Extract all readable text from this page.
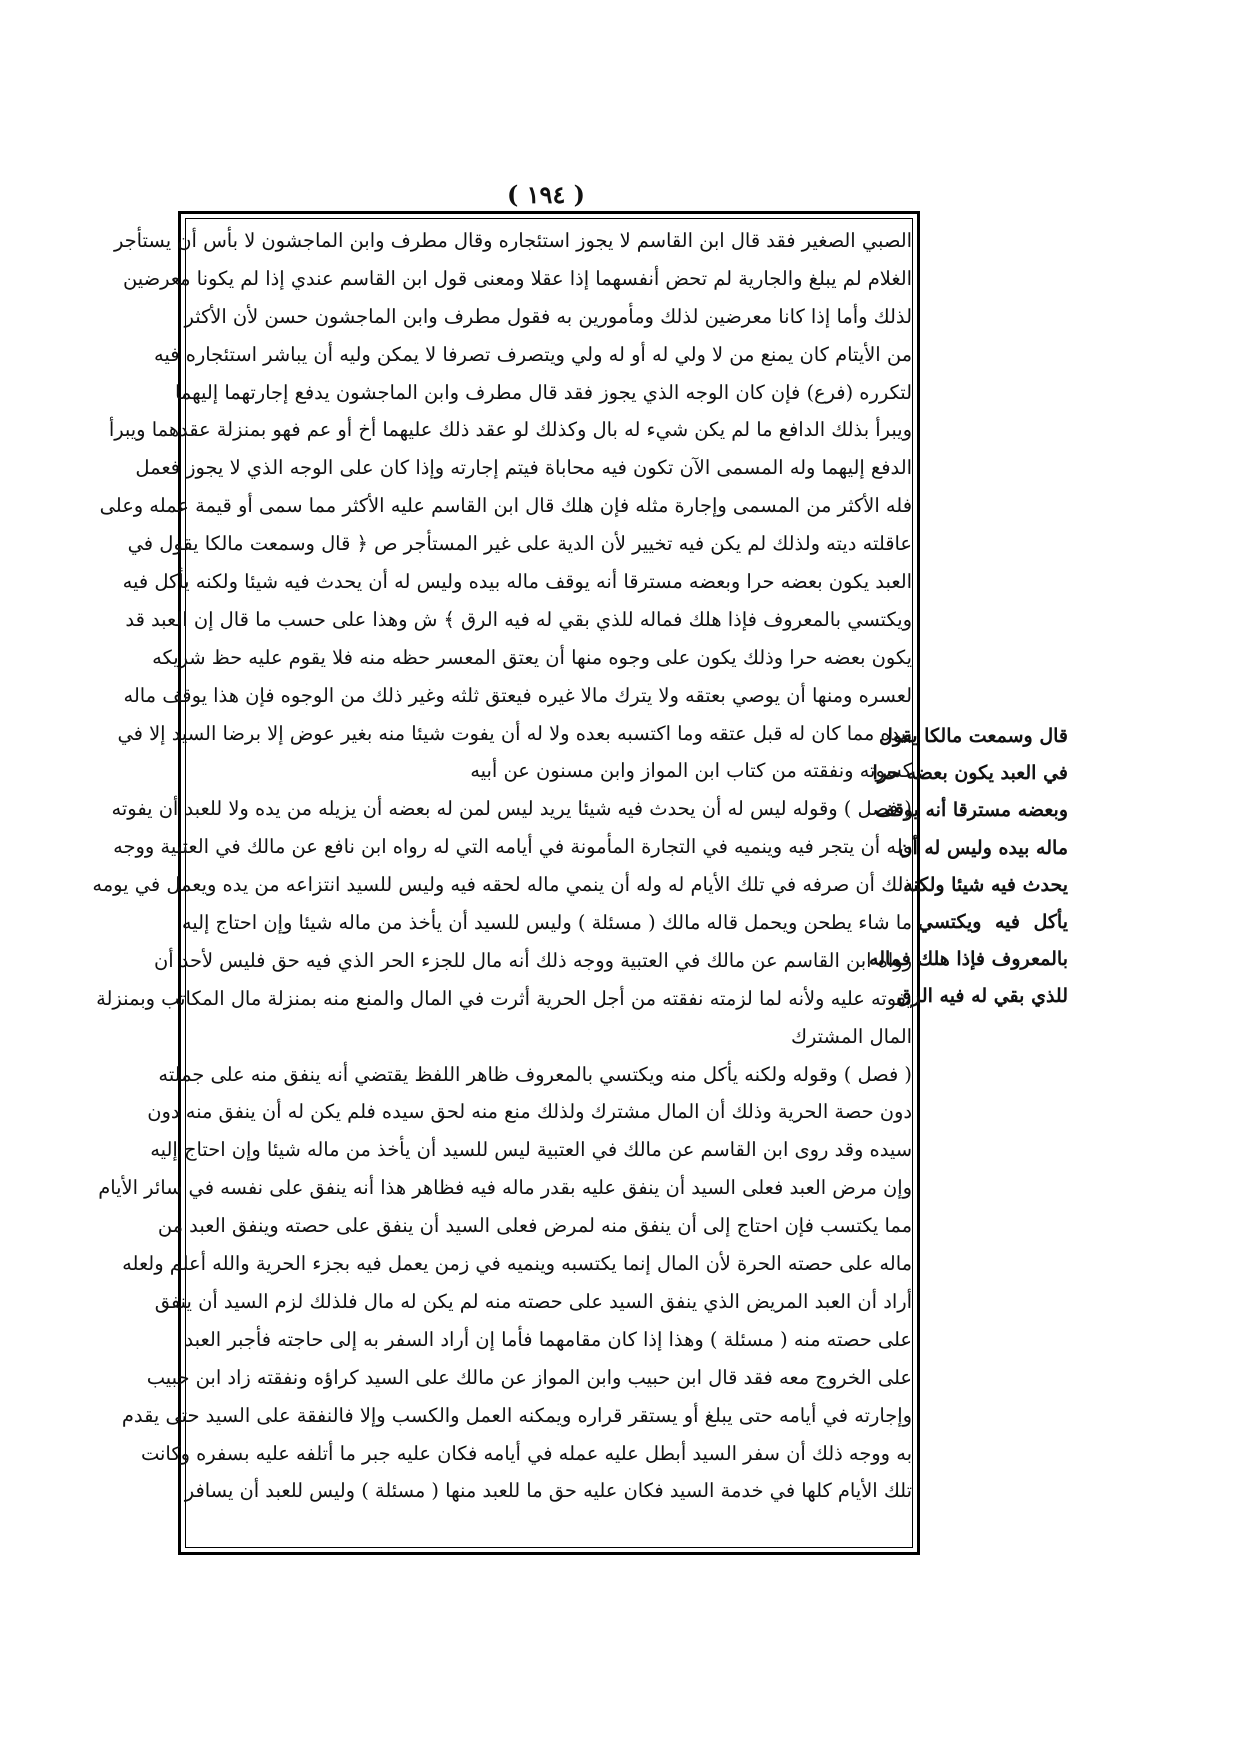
( ١٩٤ )
الصبي الصغير فقد قال ابن القاسم لا يجوز استئجاره وقال مطرف وابن الماجشون لا بأس أن يستأجر
الغلام لم يبلغ والجارية لم تحض أنفسهما إذا عقلا ومعنى قول ابن القاسم عندي إذا لم يكونا معرضين
لذلك وأما إذا كانا معرضين لذلك ومأمورين به فقول مطرف وابن الماجشون حسن لأن الأكثر
من الأيتام كان يمنع من لا ولي له أو له ولي ويتصرف تصرفا لا يمكن وليه أن يباشر استئجاره فيه
لتكرره (فرع) فإن كان الوجه الذي يجوز فقد قال مطرف وابن الماجشون يدفع إجارتهما إليهما
ويبرأ بذلك الدافع ما لم يكن شيء له بال وكذلك لو عقد ذلك عليهما أخ أو عم فهو بمنزلة عقدهما ويبرأ
الدفع إليهما وله المسمى الآن تكون فيه محاباة فيتم إجارته وإذا كان على الوجه الذي لا يجوز فعمل
فله الأكثر من المسمى وإجارة مثله فإن هلك قال ابن القاسم عليه الأكثر مما سمى أو قيمة عمله وعلى
عاقلته ديته ولذلك لم يكن فيه تخيير لأن الدية على غير المستأجر ص ﴿ قال وسمعت مالكا يقول في
العبد يكون بعضه حرا وبعضه مسترقا أنه يوقف ماله بيده وليس له أن يحدث فيه شيئا ولكنه يأكل فيه
ويكتسي بالمعروف فإذا هلك فماله للذي بقي له فيه الرق ﴾ ش وهذا على حسب ما قال إن العبد قد
يكون بعضه حرا وذلك يكون على وجوه منها أن يعتق المعسر حظه منه فلا يقوم عليه حظ شريكه
لعسره ومنها أن يوصي بعتقه ولا يترك مالا غيره فيعتق ثلثه وغير ذلك من الوجوه فإن هذا يوقف ماله
بيده مما كان له قبل عتقه وما اكتسبه بعده ولا له أن يفوت شيئا منه بغير عوض إلا برضا السيد إلا في
كسوته ونفقته من كتاب ابن المواز وابن مسنون عن أبيه
( فصل ) وقوله ليس له أن يحدث فيه شيئا يريد ليس لمن له بعضه أن يزيله من يده ولا للعبد أن يفوته
وله أن يتجر فيه وينميه في التجارة المأمونة في أيامه التي له رواه ابن نافع عن مالك في العتبية ووجه
ذلك أن صرفه في تلك الأيام له وله أن ينمي ماله لحقه فيه وليس للسيد انتزاعه من يده ويعمل في يومه
ما شاء يطحن ويحمل قاله مالك ( مسئلة ) وليس للسيد أن يأخذ من ماله شيئا وإن احتاج إليه
رواه ابن القاسم عن مالك في العتبية ووجه ذلك أنه مال للجزء الحر الذي فيه حق فليس لأحد أن
يفوته عليه ولأنه لما لزمته نفقته من أجل الحرية أثرت في المال والمنع منه بمنزلة مال المكاتب وبمنزلة
المال المشترك
( فصل ) وقوله ولكنه يأكل منه ويكتسي بالمعروف ظاهر اللفظ يقتضي أنه ينفق منه على جملته
دون حصة الحرية وذلك أن المال مشترك ولذلك منع منه لحق سيده فلم يكن له أن ينفق منه دون
سيده وقد روى ابن القاسم عن مالك في العتبية ليس للسيد أن يأخذ من ماله شيئا وإن احتاج إليه
وإن مرض العبد فعلى السيد أن ينفق عليه بقدر ماله فيه فظاهر هذا أنه ينفق على نفسه في سائر الأيام
مما يكتسب فإن احتاج إلى أن ينفق منه لمرض فعلى السيد أن ينفق على حصته وينفق العبد من
ماله على حصته الحرة لأن المال إنما يكتسبه وينميه في زمن يعمل فيه بجزء الحرية والله أعلم ولعله
أراد أن العبد المريض الذي ينفق السيد على حصته منه لم يكن له مال فلذلك لزم السيد أن ينفق
على حصته منه ( مسئلة ) وهذا إذا كان مقامهما فأما إن أراد السفر به إلى حاجته فأجبر العبد
على الخروج معه فقد قال ابن حبيب وابن المواز عن مالك على السيد كراؤه ونفقته زاد ابن حبيب
وإجارته في أيامه حتى يبلغ أو يستقر قراره ويمكنه العمل والكسب وإلا فالنفقة على السيد حتى يقدم
به ووجه ذلك أن سفر السيد أبطل عليه عمله في أيامه فكان عليه جبر ما أتلفه عليه بسفره وكانت
تلك الأيام كلها في خدمة السيد فكان عليه حق ما للعبد منها ( مسئلة ) وليس للعبد أن يسافر
قال وسمعت مالكا يقول
في العبد يكون بعضه حرا
وبعضه مسترقا أنه يوقف
ماله بيده وليس له أن
يحدث فيه شيئا ولكنه
يأكل فيه ويكتسي
بالمعروف فإذا هلك فماله
للذي بقي له فيه الرق
